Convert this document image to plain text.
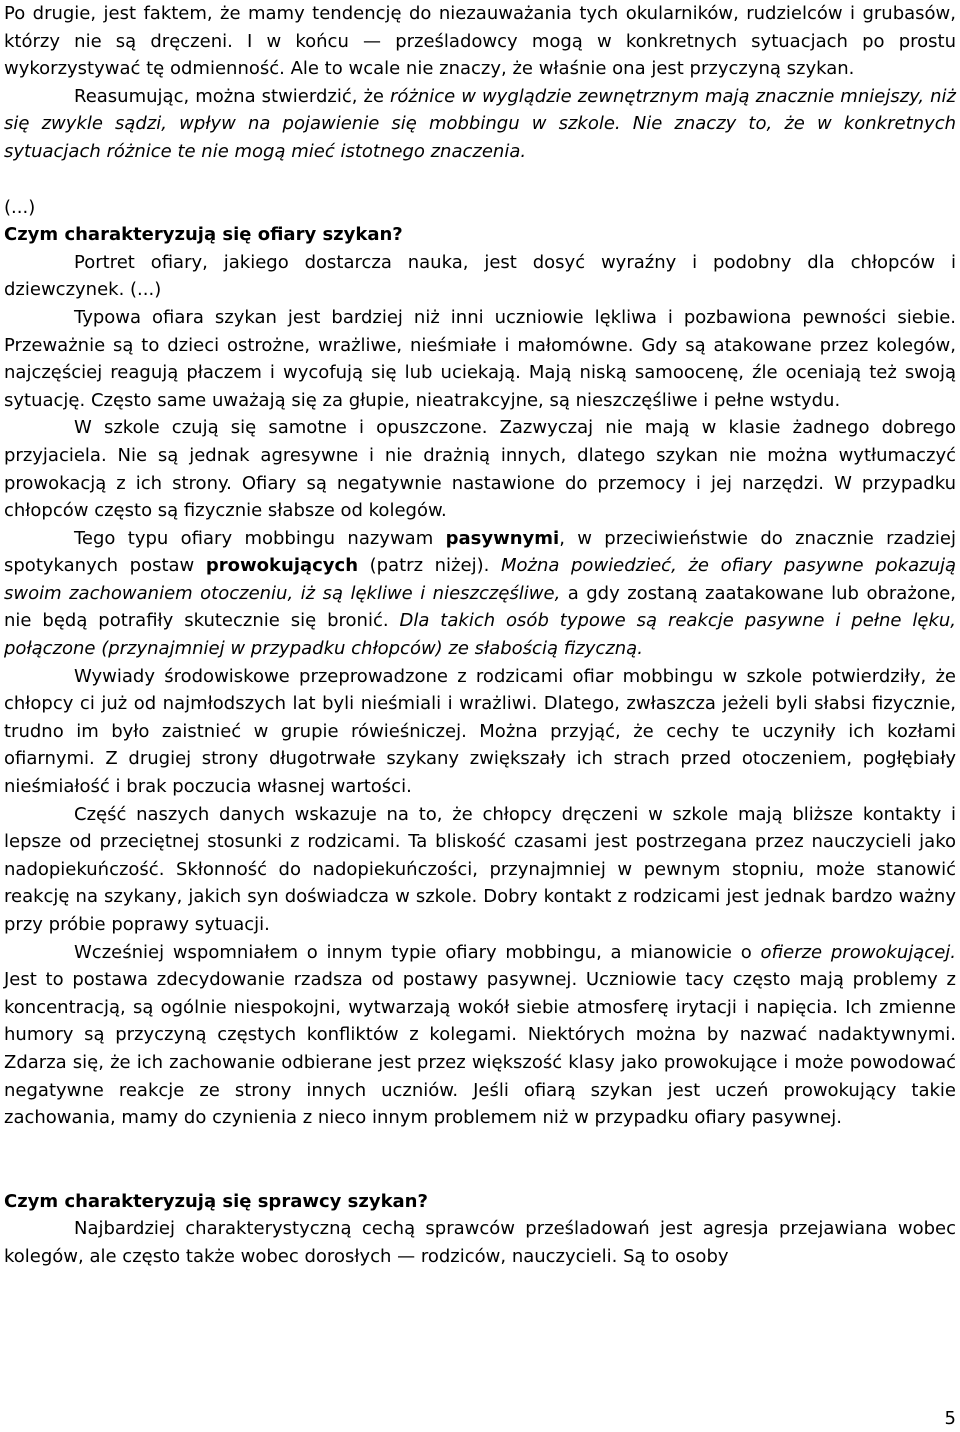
Po drugie, jest faktem, że mamy tendencję do niezauważania tych okularników, rudzielców i grubasów, którzy nie są dręczeni. I w końcu — prześladowcy mogą w konkretnych sytuacjach po prostu wykorzystywać tę odmienność. Ale to wcale nie znaczy, że właśnie ona jest przyczyną szykan.

Reasumując, można stwierdzić, że różnice w wyglądzie zewnętrznym mają znacznie mniejszy, niż się zwykle sądzi, wpływ na pojawienie się mobbingu w szkole. Nie znaczy to, że w konkretnych sytuacjach różnice te nie mogą mieć istotnego znaczenia.

(...)

Czym charakteryzują się ofiary szykan?

Portret ofiary, jakiego dostarcza nauka, jest dosyć wyraźny i podobny dla chłopców i dziewczynek. (...)

Typowa ofiara szykan jest bardziej niż inni uczniowie lękliwa i pozbawiona pewności siebie. Przeważnie są to dzieci ostrożne, wrażliwe, nieśmiałe i małomówne. Gdy są atakowane przez kolegów, najczęściej reagują płaczem i wycofują się lub uciekają. Mają niską samoocenę, źle oceniają też swoją sytuację. Często same uważają się za głupie, nieatrakcyjne, są nieszczęśliwe i pełne wstydu.

W szkole czują się samotne i opuszczone. Zazwyczaj nie mają w klasie żadnego dobrego przyjaciela. Nie są jednak agresywne i nie drażnią innych, dlatego szykan nie można wytłumaczyć prowokacją z ich strony. Ofiary są negatywnie nastawione do przemocy i jej narzędzi. W przypadku chłopców często są fizycznie słabsze od kolegów.

Tego typu ofiary mobbingu nazywam pasywnymi, w przeciwieństwie do znacznie rzadziej spotykanych postaw prowokujących (patrz niżej). Można powiedzieć, że ofiary pasywne pokazują swoim zachowaniem otoczeniu, iż są lękliwe i nieszczęśliwe, a gdy zostaną zaatakowane lub obrażone, nie będą potrafiły skutecznie się bronić. Dla takich osób typowe są reakcje pasywne i pełne lęku, połączone (przynajmniej w przypadku chłopców) ze słabością fizyczną.

Wywiady środowiskowe przeprowadzone z rodzicami ofiar mobbingu w szkole potwierdziły, że chłopcy ci już od najmłodszych lat byli nieśmiali i wrażliwi. Dlatego, zwłaszcza jeżeli byli słabsi fizycznie, trudno im było zaistnieć w grupie rówieśniczej. Można przyjąć, że cechy te uczyniły ich kozłami ofiarnymi. Z drugiej strony długotrwałe szykany zwiększały ich strach przed otoczeniem, pogłębiały nieśmiałość i brak poczucia własnej wartości.

Część naszych danych wskazuje na to, że chłopcy dręczeni w szkole mają bliższe kontakty i lepsze od przeciętnej stosunki z rodzicami. Ta bliskość czasami jest postrzegana przez nauczycieli jako nadopiekuńczość. Skłonność do nadopiekuńczości, przynajmniej w pewnym stopniu, może stanowić reakcję na szykany, jakich syn doświadcza w szkole. Dobry kontakt z rodzicami jest jednak bardzo ważny przy próbie poprawy sytuacji.

Wcześniej wspomniałem o innym typie ofiary mobbingu, a mianowicie o ofierze prowokującej. Jest to postawa zdecydowanie rzadsza od postawy pasywnej. Uczniowie tacy często mają problemy z koncentracją, są ogólnie niespokojni, wytwarzają wokół siebie atmosferę irytacji i napięcia. Ich zmienne humory są przyczyną częstych konfliktów z kolegami. Niektórych można by nazwać nadaktywnymi. Zdarza się, że ich zachowanie odbierane jest przez większość klasy jako prowokujące i może powodować negatywne reakcje ze strony innych uczniów. Jeśli ofiarą szykan jest uczeń prowokujący takie zachowania, mamy do czynienia z nieco innym problemem niż w przypadku ofiary pasywnej.

Czym charakteryzują się sprawcy szykan?

Najbardziej charakterystyczną cechą sprawców prześladowań jest agresja przejawiana wobec kolegów, ale często także wobec dorosłych — rodziców, nauczycieli. Są to osoby

5
